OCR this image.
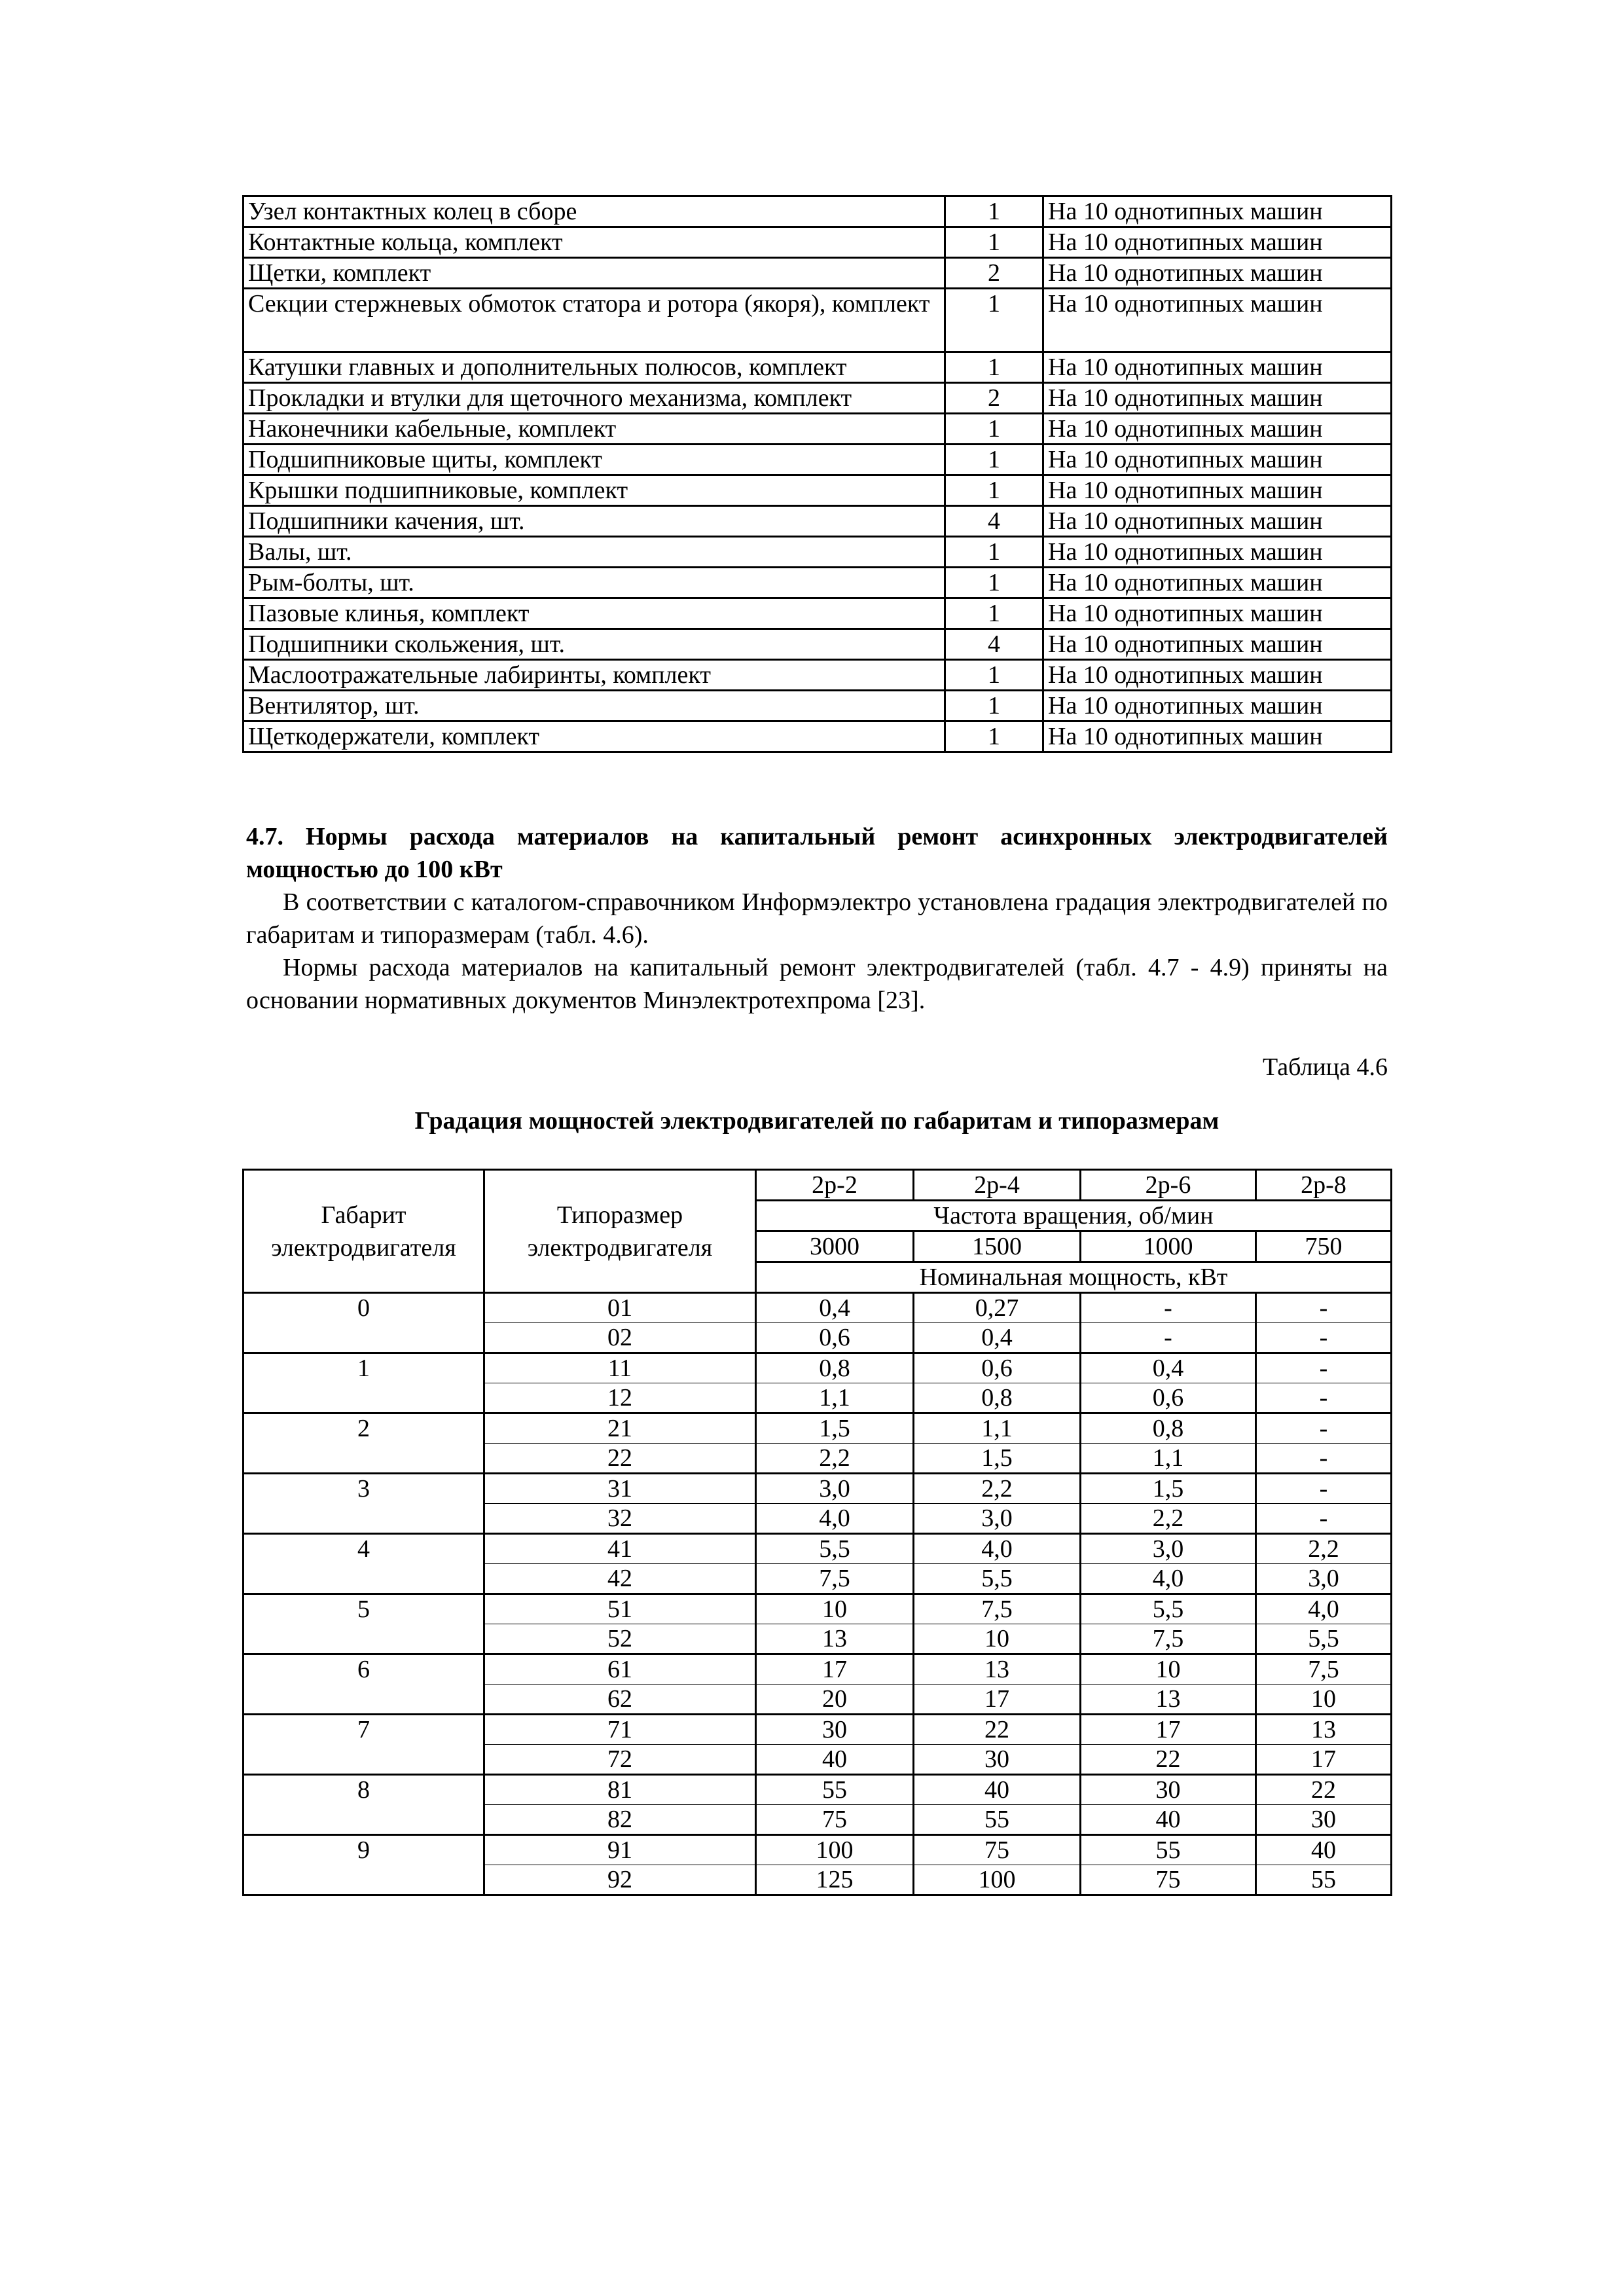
Узел контактных колец в сборе	1	На 10 однотипных машин
Контактные кольца, комплект	1	На 10 однотипных машин
Щетки, комплект	2	На 10 однотипных машин
Секции стержневых обмоток статора и ротора (якоря), комплект	1	На 10 однотипных машин
Катушки главных и дополнительных полюсов, комплект	1	На 10 однотипных машин
Прокладки и втулки для щеточного механизма, комплект	2	На 10 однотипных машин
Наконечники кабельные, комплект	1	На 10 однотипных машин
Подшипниковые щиты, комплект	1	На 10 однотипных машин
Крышки подшипниковые, комплект	1	На 10 однотипных машин
Подшипники качения, шт.	4	На 10 однотипных машин
Валы, шт.	1	На 10 однотипных машин
Рым-болты, шт.	1	На 10 однотипных машин
Пазовые клинья, комплект	1	На 10 однотипных машин
Подшипники скольжения, шт.	4	На 10 однотипных машин
Маслоотражательные лабиринты, комплект	1	На 10 однотипных машин
Вентилятор, шт.	1	На 10 однотипных машин
Щеткодержатели, комплект	1	На 10 однотипных машин
4.7. Нормы расхода материалов на капитальный ремонт асинхронных электродвигателей мощностью до 100 кВт
В соответствии с каталогом-справочником Информэлектро установлена градация электродвигателей по габаритам и типоразмерам (табл. 4.6).
Нормы расхода материалов на капитальный ремонт электродвигателей (табл. 4.7 - 4.9) приняты на основании нормативных документов Минэлектротехпрома [23].
Таблица 4.6
Градация мощностей электродвигателей по габаритам и типоразмерам
Габарит электродвигателя	Типоразмер электродвигателя	2р-2	2р-4	2р-6	2р-8
		Частота вращения, об/мин			
		3000	1500	1000	750
		Номинальная мощность, кВт			
0	01	0,4	0,27	-	-
	02	0,6	0,4	-	-
1	11	0,8	0,6	0,4	-
	12	1,1	0,8	0,6	-
2	21	1,5	1,1	0,8	-
	22	2,2	1,5	1,1	-
3	31	3,0	2,2	1,5	-
	32	4,0	3,0	2,2	-
4	41	5,5	4,0	3,0	2,2
	42	7,5	5,5	4,0	3,0
5	51	10	7,5	5,5	4,0
	52	13	10	7,5	5,5
6	61	17	13	10	7,5
	62	20	17	13	10
7	71	30	22	17	13
	72	40	30	22	17
8	81	55	40	30	22
	82	75	55	40	30
9	91	100	75	55	40
	92	125	100	75	55
